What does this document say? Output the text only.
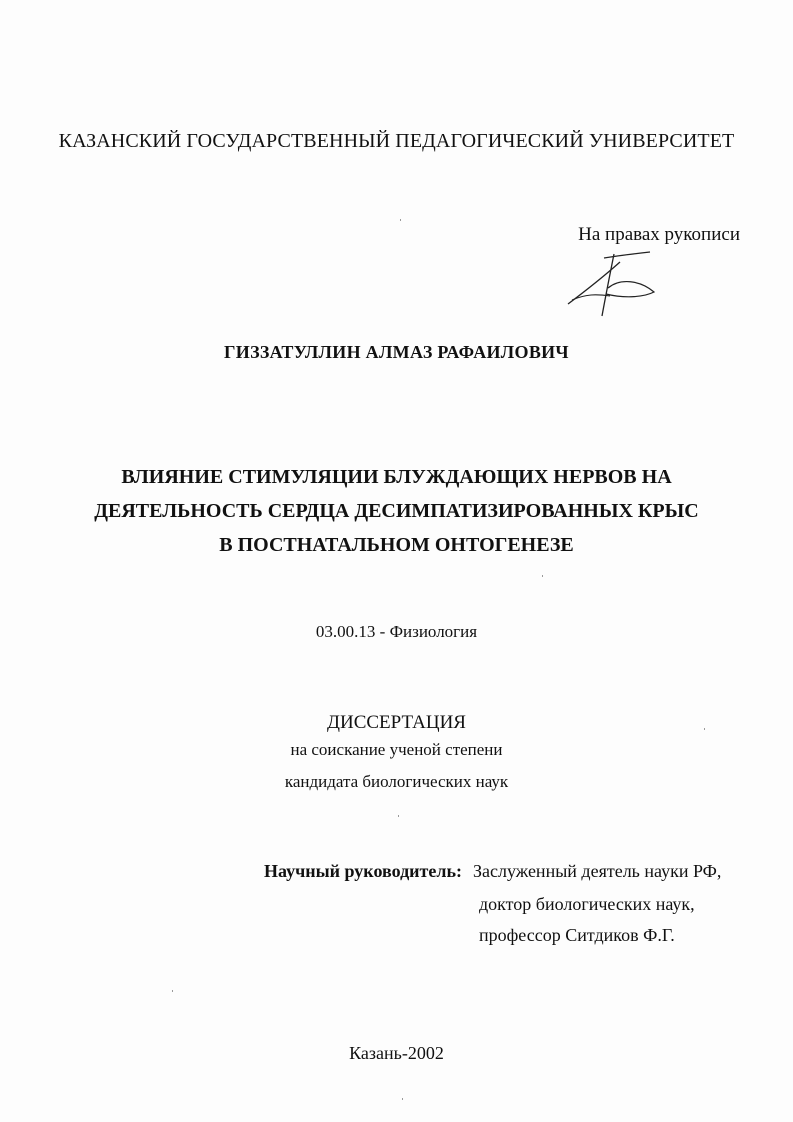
КАЗАНСКИЙ ГОСУДАРСТВЕННЫЙ ПЕДАГОГИЧЕСКИЙ УНИВЕРСИТЕТ
На правах рукописи
ГИЗЗАТУЛЛИН АЛМАЗ РАФАИЛОВИЧ
ВЛИЯНИЕ СТИМУЛЯЦИИ БЛУЖДАЮЩИХ НЕРВОВ НА
ДЕЯТЕЛЬНОСТЬ СЕРДЦА ДЕСИМПАТИЗИРОВАННЫХ КРЫС
В ПОСТНАТАЛЬНОМ ОНТОГЕНЕЗЕ
03.00.13 - Физиология
ДИССЕРТАЦИЯ
на соискание ученой степени
кандидата биологических наук
Научный руководитель: Заслуженный деятель науки РФ,
доктор биологических наук,
профессор Ситдиков Ф.Г.
Казань-2002
